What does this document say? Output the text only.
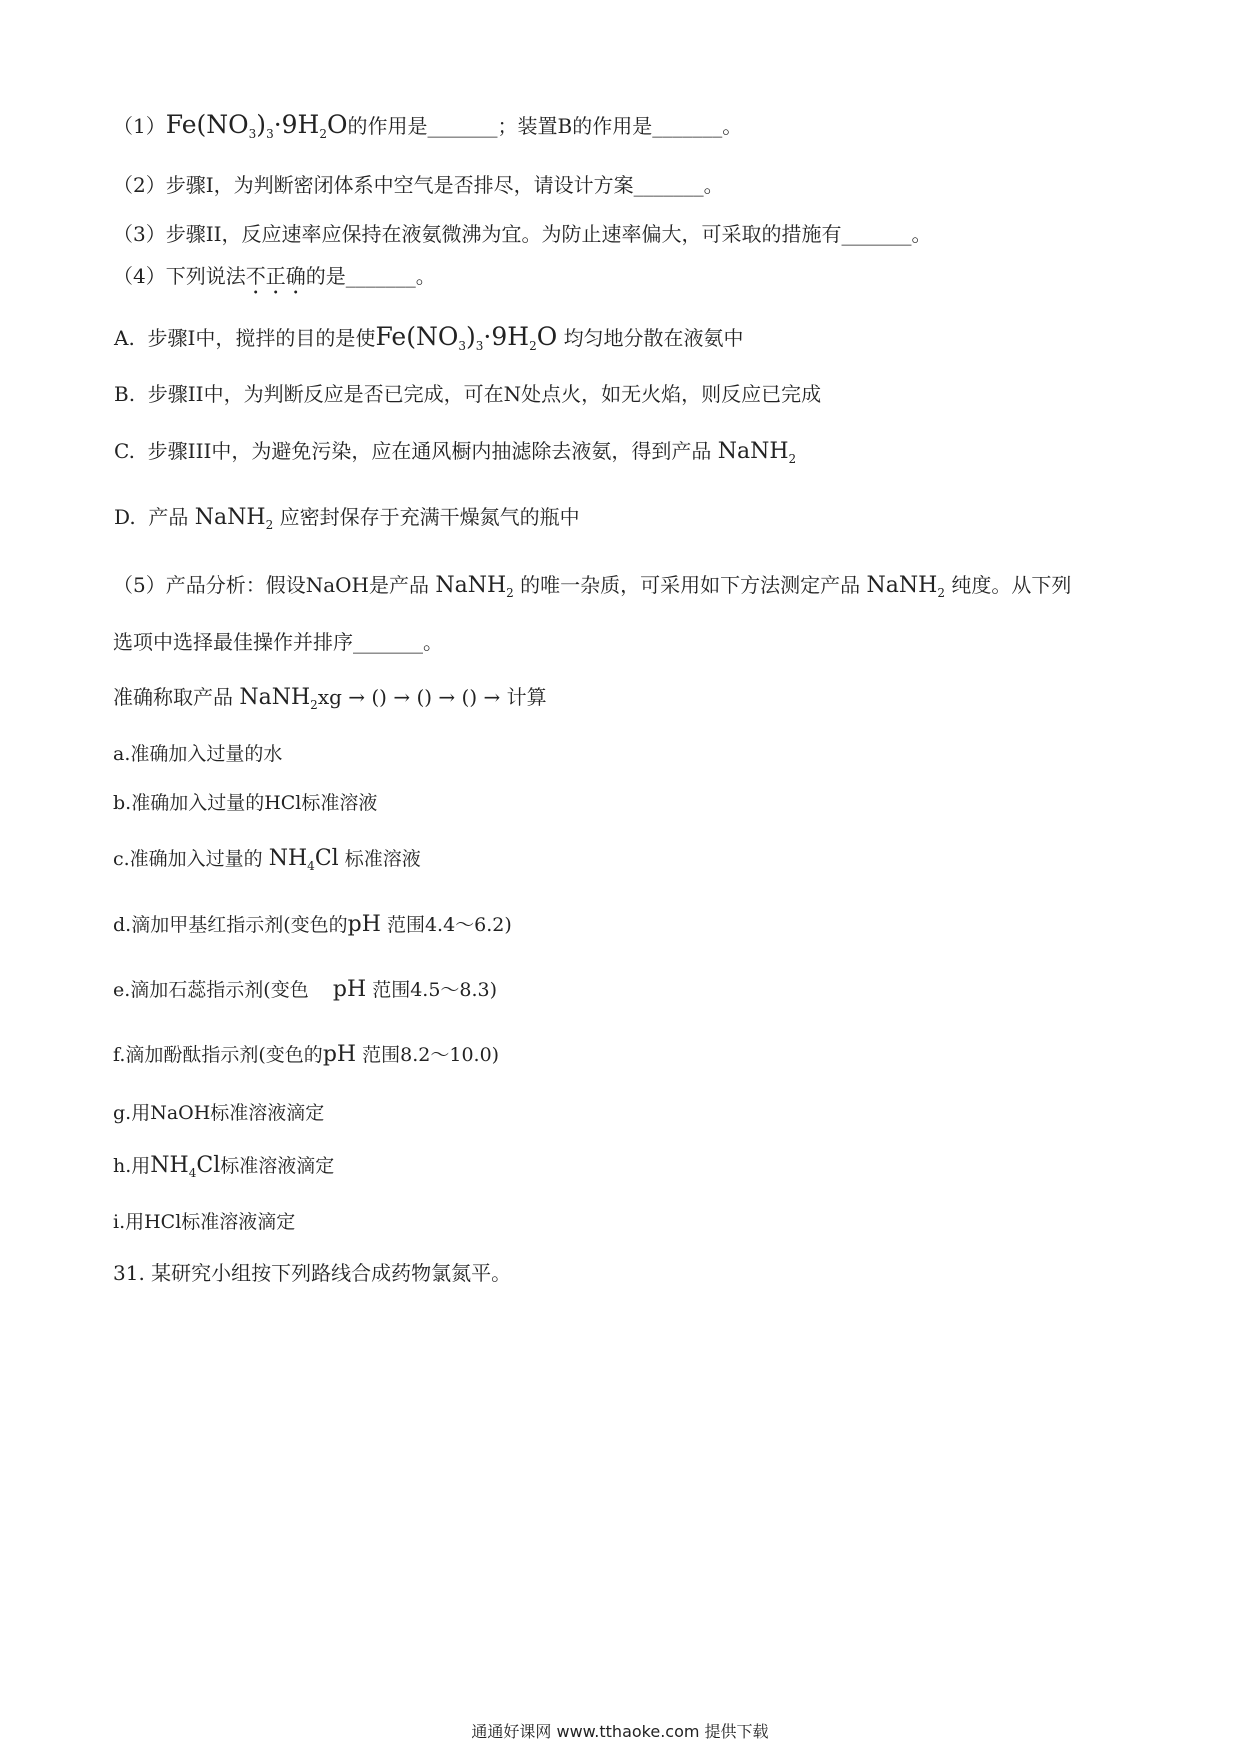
$(1)Fe(NO_3)_3\cdot 9H_2O$的作用是_______；装置B的作用是_______。
（2）步骤I，为判断密闭体系中空气是否排尽，请设计方案_______。
（3）步骤II，反应速率应保持在液氨微沸为宜。为防止速率偏大，可采取的措施有_______。
（4）下列说法不正确的是_______。
A. 步骤I中，搅拌的目的是使$Fe(NO_3)_3\cdot 9H_2O$ 均匀地分散在液氨中
B. 步骤II中，为判断反应是否已完成，可在N处点火，如无火焰，则反应已完成
C. 步骤III中，为避免污染，应在通风橱内抽滤除去液氨，得到产品 NaNH$_2$
D. 产品 NaNH$_2$ 应密封保存于充满干燥氮气的瓶中
（5）产品分析：假设NaOH是产品 NaNH$_2$ 的唯一杂质，可采用如下方法测定产品 NaNH$_2$ 纯度。从下列
选项中选择最佳操作并排序_______。
准确称取产品 NaNH$_2$xg → () → () → () → 计算
a.准确加入过量的水
b.准确加入过量的HCl标准溶液
c.准确加入过量的 $NH_4Cl$ 标准溶液
d.滴加甲基红指示剂(变色的pH 范围4.4～6.2)
e.滴加石蕊指示剂(变色 pH 范围4.5～8.3)
f.滴加酚酞指示剂(变色的pH 范围8.2～10.0)
g.用NaOH标准溶液滴定
h.用$NH_4Cl$标准溶液滴定
i.用HCl标准溶液滴定
31. 某研究小组按下列路线合成药物氯氮平。
通通好课网 www.tthaoke.com 提供下载
